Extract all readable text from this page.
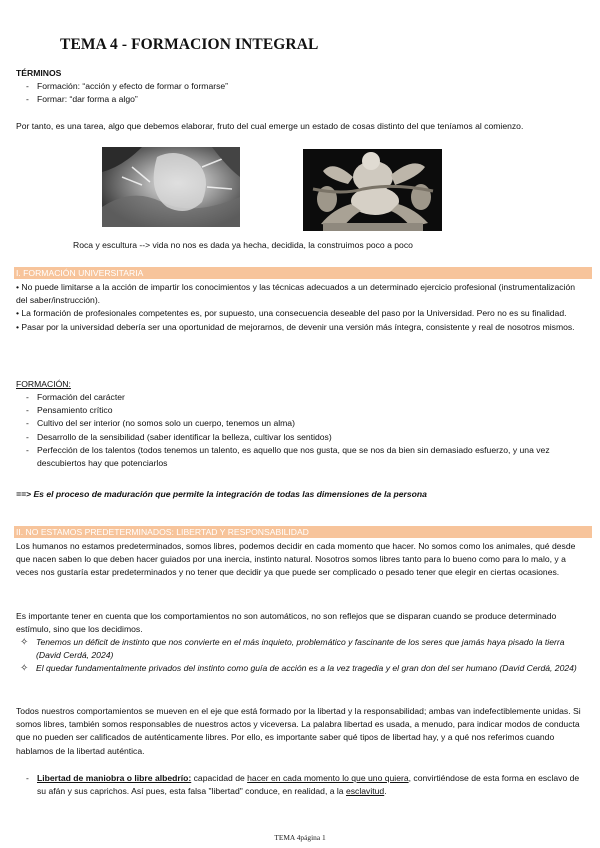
TEMA 4 - FORMACION INTEGRAL
TÉRMINOS
- Formación: “acción y efecto de formar o formarse”
- Formar: “dar forma a algo”
Por tanto, es una tarea, algo que debemos elaborar, fruto del cual emerge un estado de cosas distinto del que teníamos al comienzo.
Roca y escultura --> vida no nos es dada ya hecha, decidida, la construimos poco a poco
I. FORMACIÓN UNIVERSITARIA

• No puede limitarse a la acción de impartir los conocimientos y las técnicas adecuados a un determinado ejercicio profesional (instrumentalización del saber/instrucción).

• La formación de profesionales competentes es, por supuesto, una consecuencia deseable del paso por la Universidad. Pero no es su finalidad.

• Pasar por la universidad debería ser una oportunidad de mejorarnos, de devenir una versión más íntegra, consistente y real de nosotros mismos.

FORMACIÓN:
- Formación del carácter
- Pensamiento crítico
- Cultivo del ser interior (no somos solo un cuerpo, tenemos un alma)
- Desarrollo de la sensibilidad (saber identificar la belleza, cultivar los sentidos)
- Perfección de los talentos (todos tenemos un talento, es aquello que nos gusta, que se nos da bien sin demasiado esfuerzo, y una vez descubiertos hay que potenciarlos
==> Es el proceso de maduración que permite la integración de todas las dimensiones de la persona
II. NO ESTAMOS PREDETERMINADOS: LIBERTAD Y RESPONSABILIDAD
Los humanos no estamos predeterminados, somos libres, podemos decidir en cada momento que hacer. No somos como los animales, qué desde que nacen saben lo que deben hacer guiados por una inercia, instinto natural. Nosotros somos libres tanto para lo bueno como para lo malo, y a veces nos gustaría estar predeterminados y no tener que decidir ya que puede ser complicado o pesado tener que elegir en ciertas ocasiones.
Es importante tener en cuenta que los comportamientos no son automáticos, no son reflejos que se disparan cuando se produce determinado estímulo, sino que los decidimos.
✧ Tenemos un déficit de instinto que nos convierte en el más inquieto, problemático y fascinante de los seres que jamás haya pisado la tierra (David Cerdá, 2024)
✧ El quedar fundamentalmente privados del instinto como guía de acción es a la vez tragedia y el gran don del ser humano (David Cerdá, 2024)
Todos nuestros comportamientos se mueven en el eje que está formado por la libertad y la responsabilidad; ambas van indefectiblemente unidas. Si somos libres, también somos responsables de nuestros actos y viceversa. La palabra libertad es usada, a menudo, para indicar modos de conducta que no pueden ser calificados de auténticamente libres. Por ello, es importante saber qué tipos de libertad hay, y a qué nos referimos cuando hablamos de la libertad auténtica.
- Libertad de maniobra o libre albedrío: capacidad de hacer en cada momento lo que uno quiera, convirtiéndose de esta forma en esclavo de su afán y sus caprichos. Así pues, esta falsa "libertad" conduce, en realidad, a la esclavitud.
TEMA 4página 1
